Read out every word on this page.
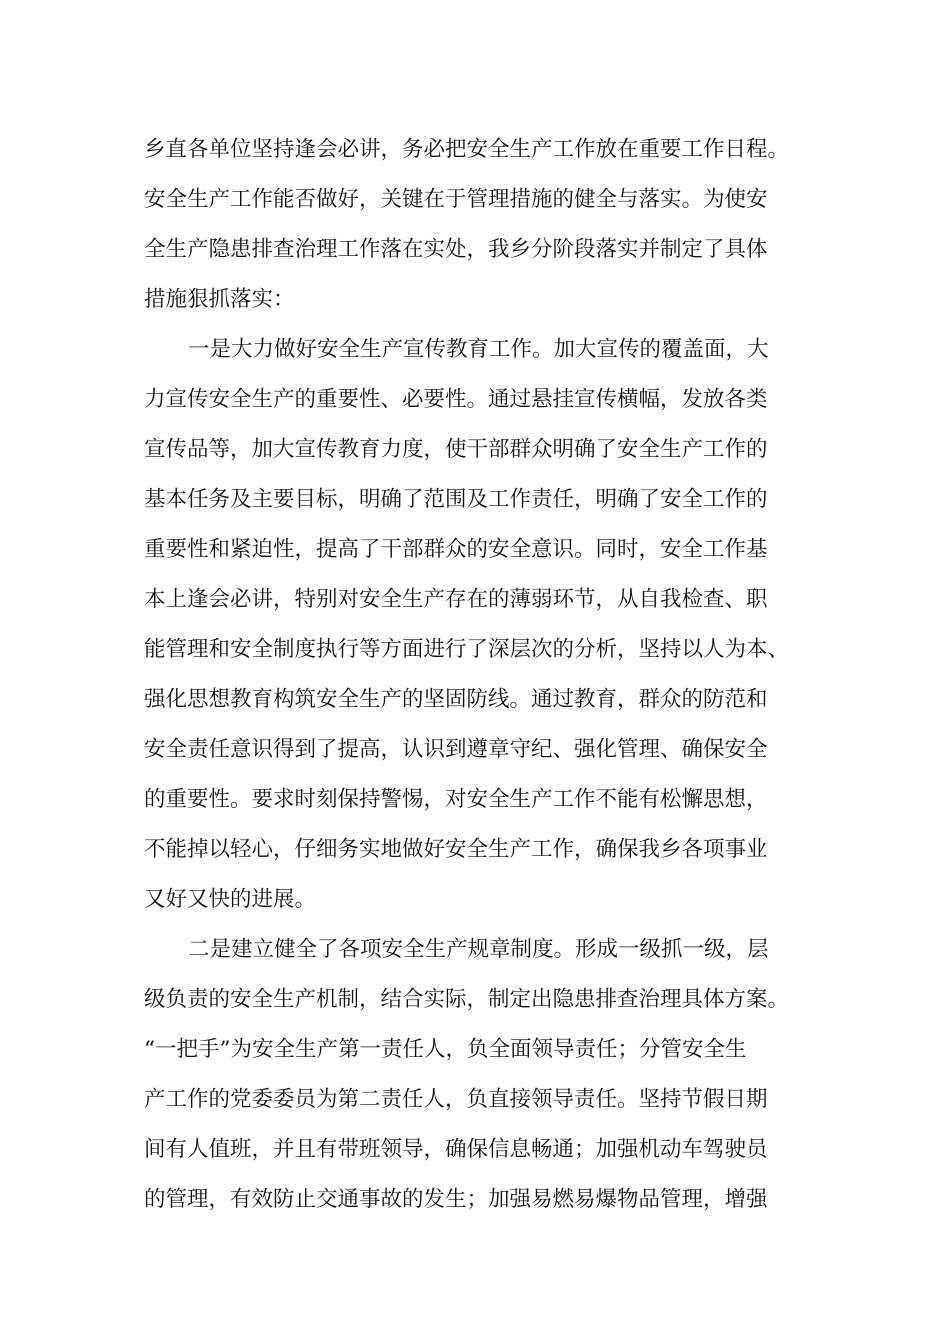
乡直各单位坚持逢会必讲，务必把安全生产工作放在重要工作日程。
安全生产工作能否做好，关键在于管理措施的健全与落实。为使安
全生产隐患排查治理工作落在实处，我乡分阶段落实并制定了具体
措施狠抓落实：
一是大力做好安全生产宣传教育工作。加大宣传的覆盖面，大
力宣传安全生产的重要性、必要性。通过悬挂宣传横幅，发放各类
宣传品等，加大宣传教育力度，使干部群众明确了安全生产工作的
基本任务及主要目标，明确了范围及工作责任，明确了安全工作的
重要性和紧迫性，提高了干部群众的安全意识。同时，安全工作基
本上逢会必讲，特别对安全生产存在的薄弱环节，从自我检查、职
能管理和安全制度执行等方面进行了深层次的分析，坚持以人为本、
强化思想教育构筑安全生产的坚固防线。通过教育，群众的防范和
安全责任意识得到了提高，认识到遵章守纪、强化管理、确保安全
的重要性。要求时刻保持警惕，对安全生产工作不能有松懈思想，
不能掉以轻心，仔细务实地做好安全生产工作，确保我乡各项事业
又好又快的进展。
二是建立健全了各项安全生产规章制度。形成一级抓一级，层
级负责的安全生产机制，结合实际，制定出隐患排查治理具体方案。
“一把手”为安全生产第一责任人，负全面领导责任；分管安全生
产工作的党委委员为第二责任人，负直接领导责任。坚持节假日期
间有人值班，并且有带班领导，确保信息畅通；加强机动车驾驶员
的管理，有效防止交通事故的发生；加强易燃易爆物品管理，增强
